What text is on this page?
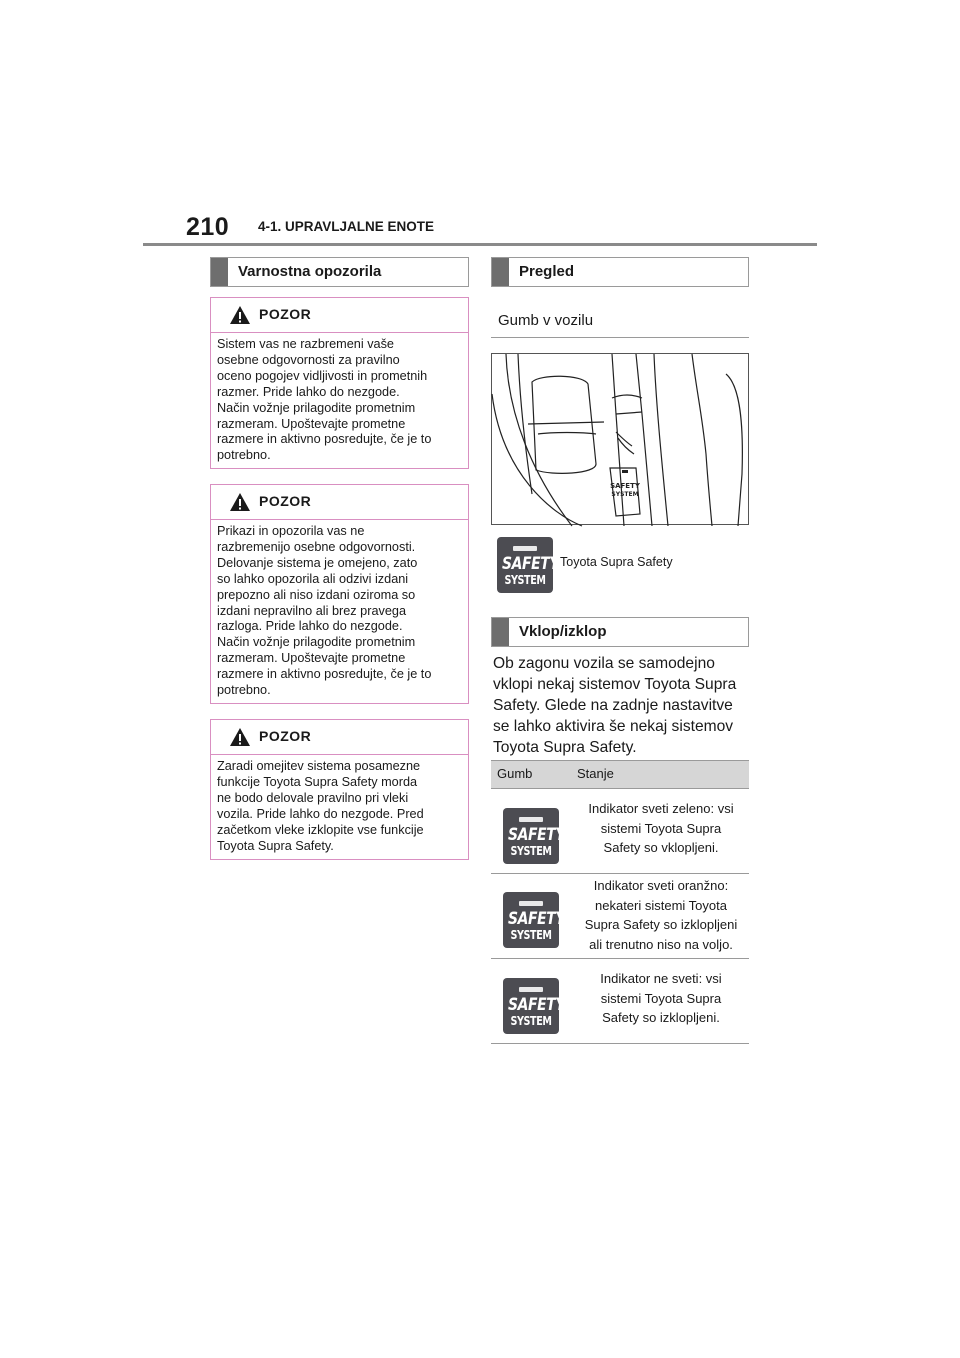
210 4-1. UPRAVLJALNE ENOTE
Varnostna opozorila
POZOR
Sistem vas ne razbremeni vaše
osebne odgovornosti za pravilno
oceno pogojev vidljivosti in prometnih
razmer. Pride lahko do nezgode.
Način vožnje prilagodite prometnim
razmeram. Upoštevajte prometne
razmere in aktivno posredujte, če je to
potrebno.
POZOR
Prikazi in opozorila vas ne
razbremenijo osebne odgovornosti.
Delovanje sistema je omejeno, zato
so lahko opozorila ali odzivi izdani
prepozno ali niso izdani oziroma so
izdani nepravilno ali brez pravega
razloga. Pride lahko do nezgode.
Način vožnje prilagodite prometnim
razmeram. Upoštevajte prometne
razmere in aktivno posredujte, če je to
potrebno.
POZOR
Zaradi omejitev sistema posamezne
funkcije Toyota Supra Safety morda
ne bodo delovale pravilno pri vleki
vozila. Pride lahko do nezgode. Pred
začetkom vleke izklopite vse funkcije
Toyota Supra Safety.
Pregled
Gumb v vozilu
SAFETY
SYSTEM
SAFETY
SYSTEM
Toyota Supra Safety
Vklop/izklop
Ob zagonu vozila se samodejno
vklopi nekaj sistemov Toyota Supra
Safety. Glede na zadnje nastavitve
se lahko aktivira še nekaj sistemov
Toyota Supra Safety.
Gumb	Stanje
SAFETY
SYSTEM
Indikator sveti zeleno: vsi
sistemi Toyota Supra
Safety so vklopljeni.
SAFETY
SYSTEM
Indikator sveti oranžno:
nekateri sistemi Toyota
Supra Safety so izklopljeni
ali trenutno niso na voljo.
SAFETY
SYSTEM
Indikator ne sveti: vsi
sistemi Toyota Supra
Safety so izklopljeni.
